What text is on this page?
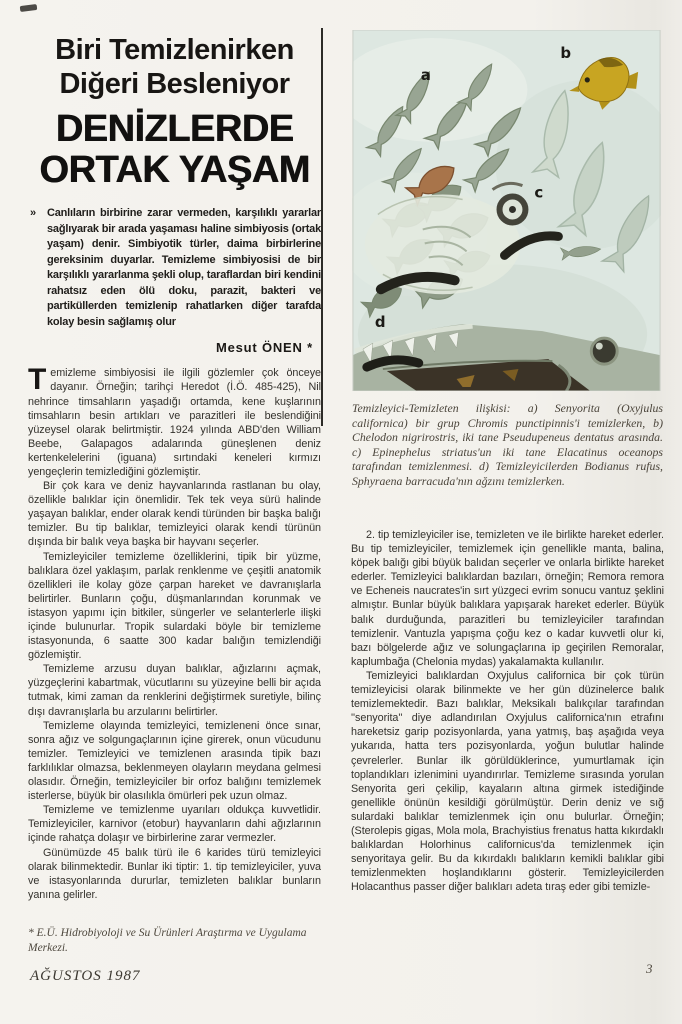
Biri Temizlenirken
Diğeri Besleniyor
DENİZLERDE
ORTAK YAŞAM
» Canlıların birbirine zarar vermeden, karşılıklı yararlar sağlıyarak bir arada yaşaması haline simbiyosis (ortak yaşam) denir. Simbiyotik türler, daima birbirlerine gereksinim duyarlar. Temizleme simbiyosisi de bir karşılıklı yararlanma şekli olup, taraflardan biri kendini rahatsız eden ölü doku, parazit, bakteri ve partiküllerden temizlenip rahatlarken diğer tarafda kolay besin sağlamış olur
Mesut ÖNEN *

Temizleme simbiyosisi ile ilgili gözlemler çok önceye dayanır. Örneğin; tarihçi Heredot (İ.Ö. 485-425), Nil nehrince timsahların yaşadığı ortamda, kene kuşlarının timsahların besin artıkları ve parazitleri ile beslendiğini yüzeysel olarak belirtmiştir. 1924 yılında ABD'den William Beebe, Galapagos adalarında güneşlenen deniz kertenkelelerini (iguana) sırtındaki keneleri kırmızı yengeçlerin temizlediğini gözlemiştir.

Bir çok kara ve deniz hayvanlarında rastlanan bu olay, özellikle balıklar için önemlidir. Tek tek veya sürü halinde yaşayan balıklar, ender olarak kendi türünden bir başka balığı temizler. Bu tip balıklar, temizleyici olarak kendi türünün dışında bir balık veya başka bir hayvanı seçerler.

Temizleyiciler temizleme özelliklerini, tipik bir yüzme, balıklara özel yaklaşım, parlak renklenme ve çeşitli anatomik özellikleri ile kolay göze çarpan hareket ve davranışlarla belirtirler. Bunların çoğu, düşmanlarından korunmak ve istasyon yapımı için bitkiler, süngerler ve selanterlerle ilişki içinde bulunurlar. Tropik sulardaki böyle bir temizleme istasyonunda, 6 saatte 300 kadar balığın temizlendiği gözlemiştir.

Temizleme arzusu duyan balıklar, ağızlarını açmak, yüzgeçlerini kabartmak, vücutlarını su yüzeyine belli bir açıda tutmak, kimi zaman da renklerini değiştirmek suretiyle, bilinç dışı davranışlarla bu arzularını belirtirler.

Temizleme olayında temizleyici, temizleneni önce sınar, sonra ağız ve solgungaçlarının içine girerek, onun vücudunu temizler. Temizleyici ve temizlenen arasında tipik bazı farklılıklar olmazsa, beklenmeyen olayların meydana gelmesi olasıdır. Örneğin, temizleyiciler bir orfoz balığını temizlemek isterlerse, büyük bir olasılıkla ömürleri pek uzun olmaz.

Temizleme ve temizlenme uyarıları oldukça kuvvetlidir. Temizleyiciler, karnivor (etobur) hayvanların dahi ağızlarının içinde rahatça dolaşır ve birbirlerine zarar vermezler.

Günümüzde 45 balık türü ile 6 karides türü temizleyici olarak bilinmektedir. Bunlar iki tiptir: 1. tip temizleyiciler, yuva ve istasyonlarında dururlar, temizleten balıklar bunların yanına gelirler.

a
b
c
d
Temizleyici-Temizleten ilişkisi: a) Senyorita (Oxyjulus californica) bir grup Chromis punctipinnis'i temizlerken, b) Chelodon nigrirostris, iki tane Pseudupeneus dentatus arasında. c) Epinephelus striatus'un iki tane Elacatinus oceanops tarafından temizlenmesi. d) Temizleyicilerden Bodianus rufus, Sphyraena barracuda'nın ağzını temizlerken.

2. tip temizleyiciler ise, temizleten ve ile birlikte hareket ederler. Bu tip temizleyiciler, temizlemek için genellikle manta, balina, köpek balığı gibi büyük balıdan seçerler ve onlarla birlikte hareket ederler. Temizleyici balıklardan bazıları, örneğin; Remora remora ve Echeneis naucrates'in sırt yüzgeci evrim sonucu vantuz şeklini almıştır. Bunlar büyük balıklara yapışarak hareket ederler. Büyük balık durduğunda, parazitleri bu temizleyiciler tarafından temizlenir. Vantuzla yapışma çoğu kez o kadar kuvvetli olur ki, bazı bölgelerde ağız ve solungaçlarına ip geçirilen Remoralar, kaplumbağa (Chelonia mydas) yakalamakta kullanılır.

Temizleyici balıklardan Oxyjulus californica bir çok türün temizleyicisi olarak bilinmekte ve her gün düzinelerce balık temizlemektedir. Bazı balıklar, Meksikalı balıkçılar tarafından ''senyorita'' diye adlandırılan Oxyjulus californica'nın etrafını hareketsiz garip pozisyonlarda, yana yatmış, baş aşağıda veya yukarıda, hatta ters pozisyonlarda, yoğun bulutlar halinde çevrelerler. Bunlar ilk görüldüklerince, yumurtlamak için toplandıkları izlenimini uyandırırlar. Temizleme sırasında yorulan Senyorita geri çekilip, kayaların altına girmek istediğinde genellikle önünün kesildiği görülmüştür. Derin deniz ve sığ sulardaki balıklar temizlenmek için onu bulurlar. Örneğin; (Sterolepis gigas, Mola mola, Brachyistius frenatus hatta kıkırdaklı balıklardan Holorhinus californicus'da temizlenmek için senyoritaya gelir. Bu da kıkırdaklı balıkların kemikli balıklar gibi temizlenmekten hoşlandıklarını gösterir. Temizleyicilerden Holacanthus passer diğer balıkları adeta tıraş eder gibi temizle-

* E.Ü. Hidrobiyoloji ve Su Ürünleri Araştırma ve Uygulama Merkezi.
AĞUSTOS 1987	3
